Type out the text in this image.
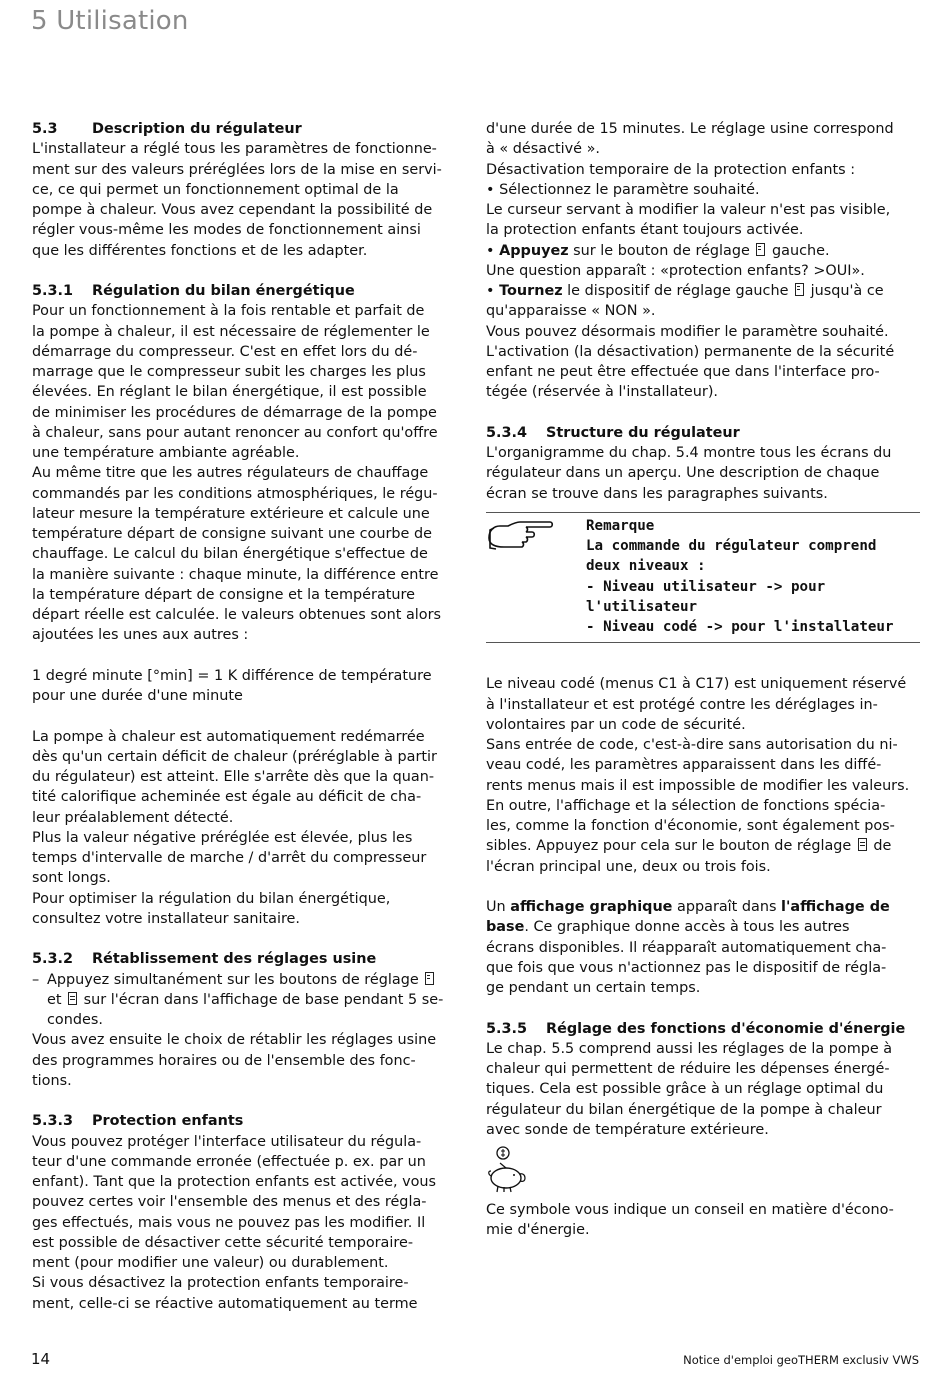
5 Utilisation

5.3 Description du régulateur

L'installateur a réglé tous les paramètres de fonctionne-

ment sur des valeurs préréglées lors de la mise en servi-

ce, ce qui permet un fonctionnement optimal de la

pompe à chaleur. Vous avez cependant la possibilité de

régler vous-même les modes de fonctionnement ainsi

que les différentes fonctions et de les adapter.

5.3.1 Régulation du bilan énergétique

Pour un fonctionnement à la fois rentable et parfait de

la pompe à chaleur, il est nécessaire de réglementer le

démarrage du compresseur. C'est en effet lors du dé-

marrage que le compresseur subit les charges les plus

élevées. En réglant le bilan énergétique, il est possible

de minimiser les procédures de démarrage de la pompe

à chaleur, sans pour autant renoncer au confort qu'offre

une température ambiante agréable.

Au même titre que les autres régulateurs de chauffage

commandés par les conditions atmosphériques, le régu-

lateur mesure la température extérieure et calcule une

température départ de consigne suivant une courbe de

chauffage. Le calcul du bilan énergétique s'effectue de

la manière suivante : chaque minute, la différence entre

la température départ de consigne et la température

départ réelle est calculée. le valeurs obtenues sont alors

ajoutées les unes aux autres :

1 degré minute [°min] = 1 K différence de température

pour une durée d'une minute

La pompe à chaleur est automatiquement redémarrée

dès qu'un certain déficit de chaleur (préréglable à partir

du régulateur) est atteint. Elle s'arrête dès que la quan-

tité calorifique acheminée est égale au déficit de cha-

leur préalablement détecté.

Plus la valeur négative préréglée est élevée, plus les

temps d'intervalle de marche / d'arrêt du compresseur

sont longs.

Pour optimiser la régulation du bilan énergétique,

consultez votre installateur sanitaire.

5.3.2 Rétablissement des réglages usine

– Appuyez simultanément sur les boutons de réglage
et sur l'écran dans l'affichage de base pendant 5 se-
condes.

Vous avez ensuite le choix de rétablir les réglages usine

des programmes horaires ou de l'ensemble des fonc-

tions.

5.3.3 Protection enfants

Vous pouvez protéger l'interface utilisateur du régula-

teur d'une commande erronée (effectuée p. ex. par un

enfant). Tant que la protection enfants est activée, vous

pouvez certes voir l'ensemble des menus et des régla-

ges effectués, mais vous ne pouvez pas les modifier. Il

est possible de désactiver cette sécurité temporaire-

ment (pour modifier une valeur) ou durablement.

Si vous désactivez la protection enfants temporaire-

ment, celle-ci se réactive automatiquement au terme

d'une durée de 15 minutes. Le réglage usine correspond

à « désactivé ».

Désactivation temporaire de la protection enfants :

• Sélectionnez le paramètre souhaité.

Le curseur servant à modifier la valeur n'est pas visible,

la protection enfants étant toujours activée.

• Appuyez sur le bouton de réglage gauche.

Une question apparaît : «protection enfants? >OUI».

• Tournez le dispositif de réglage gauche jusqu'à ce

qu'apparaisse « NON ».

Vous pouvez désormais modifier le paramètre souhaité.

L'activation (la désactivation) permanente de la sécurité

enfant ne peut être effectuée que dans l'interface pro-

tégée (réservée à l'installateur).

5.3.4 Structure du régulateur

L'organigramme du chap. 5.4 montre tous les écrans du

régulateur dans un aperçu. Une description de chaque

écran se trouve dans les paragraphes suivants.

Remarque
La commande du régulateur comprend
deux niveaux :
- Niveau utilisateur -> pour l'utilisateur
- Niveau codé -> pour l'installateur

Le niveau codé (menus C1 à C17) est uniquement réservé

à l'installateur et est protégé contre les déréglages in-

volontaires par un code de sécurité.

Sans entrée de code, c'est-à-dire sans autorisation du ni-

veau codé, les paramètres apparaissent dans les diffé-

rents menus mais il est impossible de modifier les valeurs.

En outre, l'affichage et la sélection de fonctions spécia-

les, comme la fonction d'économie, sont également pos-

sibles. Appuyez pour cela sur le bouton de réglage de

l'écran principal une, deux ou trois fois.

Un affichage graphique apparaît dans l'affichage de

base. Ce graphique donne accès à tous les autres

écrans disponibles. Il réapparaît automatiquement cha-

que fois que vous n'actionnez pas le dispositif de régla-

ge pendant un certain temps.

5.3.5 Réglage des fonctions d'économie d'énergie

Le chap. 5.5 comprend aussi les réglages de la pompe à

chaleur qui permettent de réduire les dépenses énergé-

tiques. Cela est possible grâce à un réglage optimal du

régulateur du bilan énergétique de la pompe à chaleur

avec sonde de température extérieure.

Ce symbole vous indique un conseil en matière d'écono-

mie d'énergie.

14	Notice d'emploi geoTHERM exclusiv VWS
